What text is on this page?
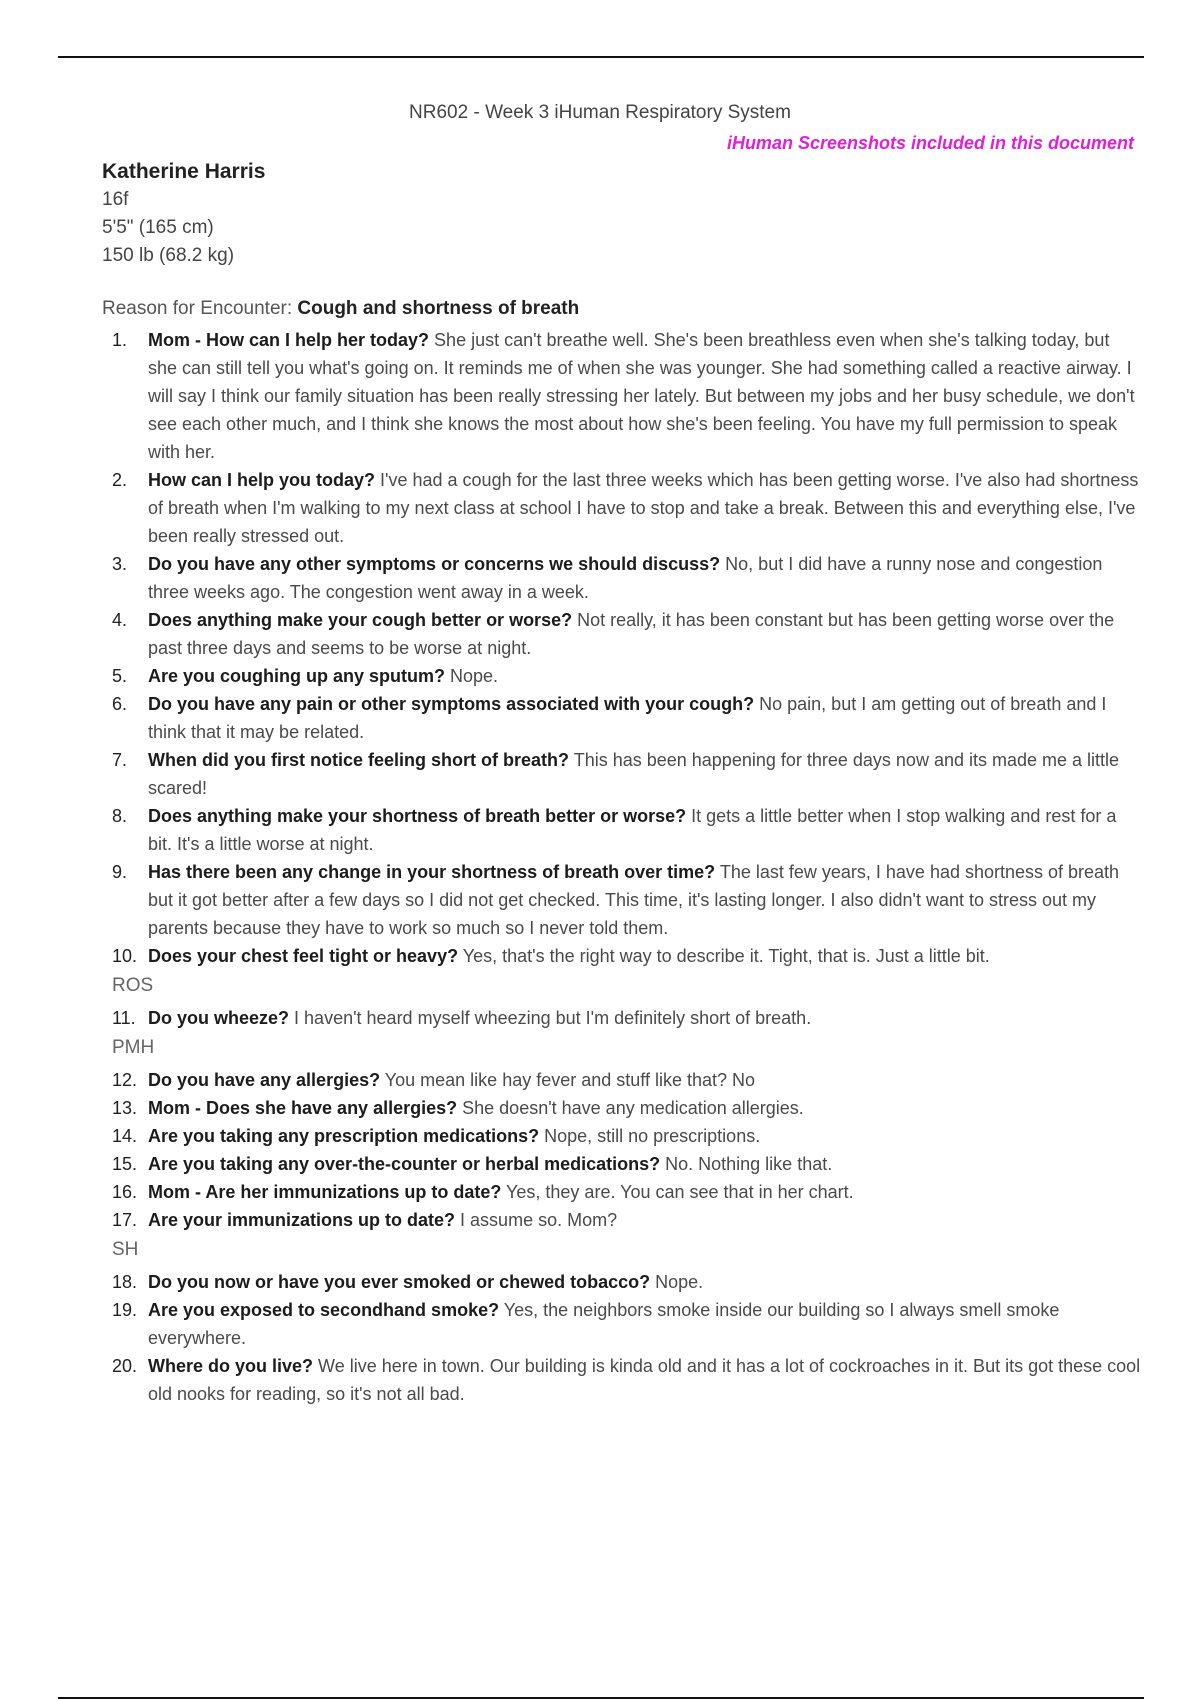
NR602 - Week 3 iHuman Respiratory System
iHuman Screenshots included in this document
Katherine Harris
16f
5'5" (165 cm)
150 lb (68.2 kg)
Reason for Encounter: Cough and shortness of breath
1. Mom - How can I help her today? She just can't breathe well. She's been breathless even when she's talking today, but she can still tell you what's going on. It reminds me of when she was younger. She had something called a reactive airway. I will say I think our family situation has been really stressing her lately. But between my jobs and her busy schedule, we don't see each other much, and I think she knows the most about how she's been feeling. You have my full permission to speak with her.
2. How can I help you today? I've had a cough for the last three weeks which has been getting worse. I've also had shortness of breath when I'm walking to my next class at school I have to stop and take a break. Between this and everything else, I've been really stressed out.
3. Do you have any other symptoms or concerns we should discuss? No, but I did have a runny nose and congestion three weeks ago. The congestion went away in a week.
4. Does anything make your cough better or worse? Not really, it has been constant but has been getting worse over the past three days and seems to be worse at night.
5. Are you coughing up any sputum? Nope.
6. Do you have any pain or other symptoms associated with your cough? No pain, but I am getting out of breath and I think that it may be related.
7. When did you first notice feeling short of breath? This has been happening for three days now and its made me a little scared!
8. Does anything make your shortness of breath better or worse? It gets a little better when I stop walking and rest for a bit. It's a little worse at night.
9. Has there been any change in your shortness of breath over time? The last few years, I have had shortness of breath but it got better after a few days so I did not get checked. This time, it's lasting longer. I also didn't want to stress out my parents because they have to work so much so I never told them.
10. Does your chest feel tight or heavy? Yes, that's the right way to describe it. Tight, that is. Just a little bit.
ROS
11. Do you wheeze? I haven't heard myself wheezing but I'm definitely short of breath.
PMH
12. Do you have any allergies? You mean like hay fever and stuff like that? No
13. Mom - Does she have any allergies? She doesn't have any medication allergies.
14. Are you taking any prescription medications? Nope, still no prescriptions.
15. Are you taking any over-the-counter or herbal medications? No. Nothing like that.
16. Mom - Are her immunizations up to date? Yes, they are. You can see that in her chart.
17. Are your immunizations up to date? I assume so. Mom?
SH
18. Do you now or have you ever smoked or chewed tobacco? Nope.
19. Are you exposed to secondhand smoke? Yes, the neighbors smoke inside our building so I always smell smoke everywhere.
20. Where do you live? We live here in town. Our building is kinda old and it has a lot of cockroaches in it. But its got these cool old nooks for reading, so it's not all bad.
